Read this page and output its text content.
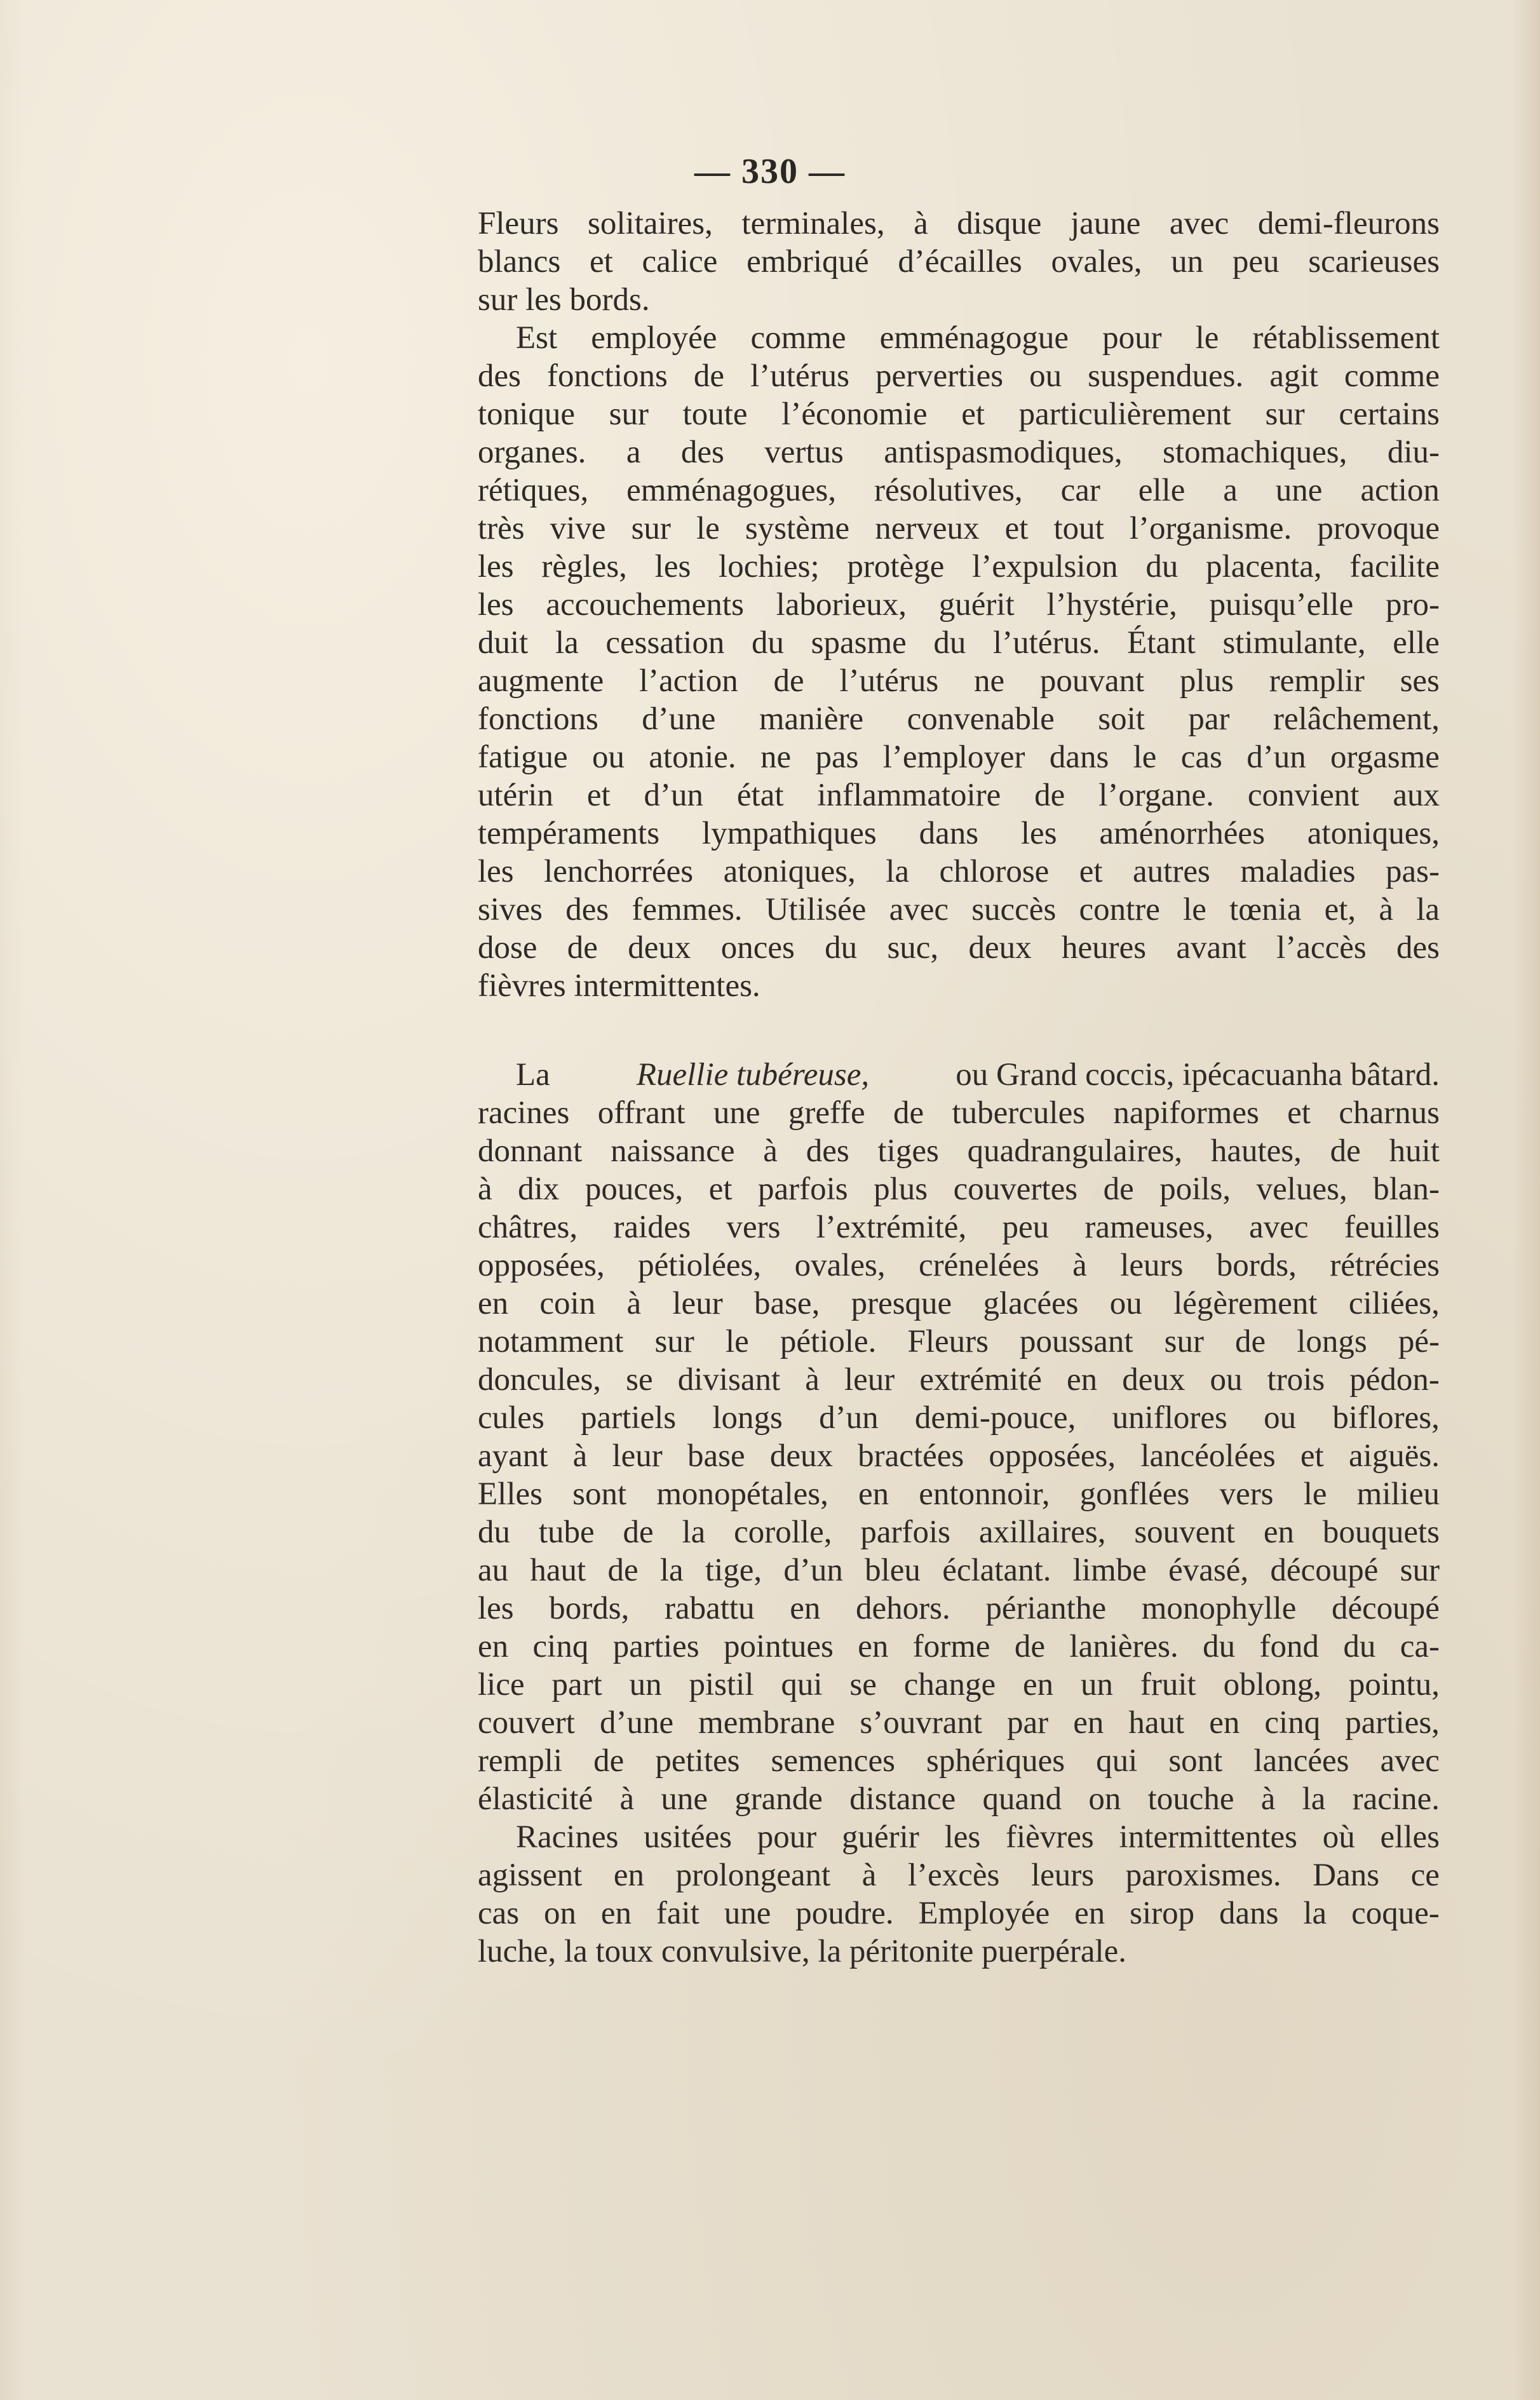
— 330 —
Fleurs solitaires, terminales, à disque jaune avec demi-fleurons
blancs et calice embriqué d’écailles ovales, un peu scarieuses
sur les bords.
Est employée comme emménagogue pour le rétablissement
des fonctions de l’utérus perverties ou suspendues. agit comme
tonique sur toute l’économie et particulièrement sur certains
organes. a des vertus antispasmodiques, stomachiques, diu-
rétiques, emménagogues, résolutives, car elle a une action
très vive sur le système nerveux et tout l’organisme. provoque
les règles, les lochies; protège l’expulsion du placenta, facilite
les accouchements laborieux, guérit l’hystérie, puisqu’elle pro-
duit la cessation du spasme du l’utérus. Étant stimulante, elle
augmente l’action de l’utérus ne pouvant plus remplir ses
fonctions d’une manière convenable soit par relâchement,
fatigue ou atonie. ne pas l’employer dans le cas d’un orgasme
utérin et d’un état inflammatoire de l’organe. convient aux
tempéraments lympathiques dans les aménorrhées atoniques,
les lenchorrées atoniques, la chlorose et autres maladies pas-
sives des femmes. Utilisée avec succès contre le tœnia et, à la
dose de deux onces du suc, deux heures avant l’accès des
fièvres intermittentes.
La	Ruellie tubéreuse,	ou Grand coccis, ipécacuanha bâtard.
racines offrant une greffe de tubercules napiformes et charnus
donnant naissance à des tiges quadrangulaires, hautes, de huit
à dix pouces, et parfois plus couvertes de poils, velues, blan-
châtres, raides vers l’extrémité, peu rameuses, avec feuilles
opposées, pétiolées, ovales, crénelées à leurs bords, rétrécies
en coin à leur base, presque glacées ou légèrement ciliées,
notamment sur le pétiole. Fleurs poussant sur de longs pé-
doncules, se divisant à leur extrémité en deux ou trois pédon-
cules partiels longs d’un demi-pouce, uniflores ou biflores,
ayant à leur base deux bractées opposées, lancéolées et aiguës.
Elles sont monopétales, en entonnoir, gonflées vers le milieu
du tube de la corolle, parfois axillaires, souvent en bouquets
au haut de la tige, d’un bleu éclatant. limbe évasé, découpé sur
les bords, rabattu en dehors. périanthe monophylle découpé
en cinq parties pointues en forme de lanières. du fond du ca-
lice part un pistil qui se change en un fruit oblong, pointu,
couvert d’une membrane s’ouvrant par en haut en cinq parties,
rempli de petites semences sphériques qui sont lancées avec
élasticité à une grande distance quand on touche à la racine.
Racines usitées pour guérir les fièvres intermittentes où elles
agissent en prolongeant à l’excès leurs paroxismes. Dans ce
cas on en fait une poudre. Employée en sirop dans la coque-
luche, la toux convulsive, la péritonite puerpérale.
